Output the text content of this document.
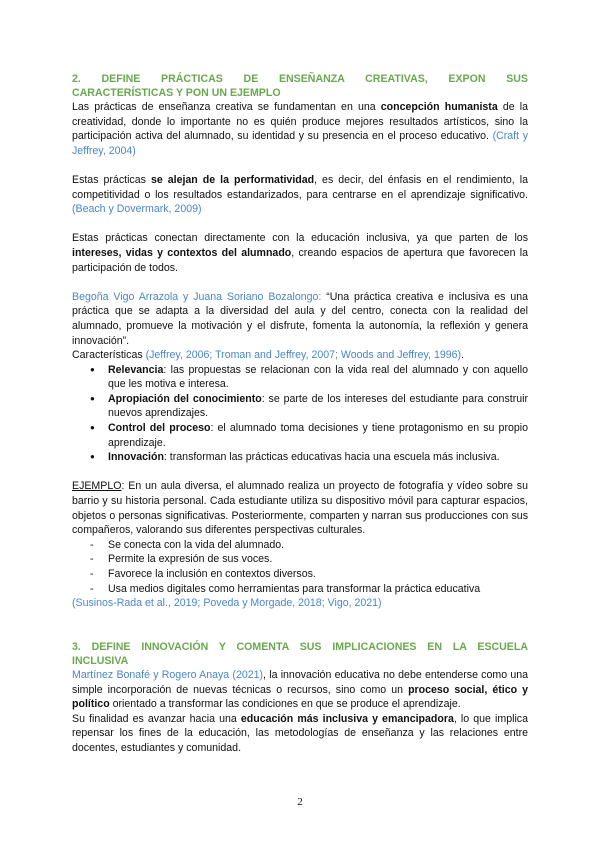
2. DEFINE PRÁCTICAS DE ENSEÑANZA CREATIVAS, EXPON SUS
CARACTERÍSTICAS Y PON UN EJEMPLO

Las prácticas de enseñanza creativa se fundamentan en una concepción humanista de la creatividad, donde lo importante no es quién produce mejores resultados artísticos, sino la participación activa del alumnado, su identidad y su presencia en el proceso educativo. (Craft y Jeffrey, 2004)

Estas prácticas se alejan de la performatividad, es decir, del énfasis en el rendimiento, la competitividad o los resultados estandarizados, para centrarse en el aprendizaje significativo. (Beach y Dovermark, 2009)

Estas prácticas conectan directamente con la educación inclusiva, ya que parten de los intereses, vidas y contextos del alumnado, creando espacios de apertura que favorecen la participación de todos.

Begoña Vigo Arrazola y Juana Soriano Bozalongo: “Una práctica creativa e inclusiva es una práctica que se adapta a la diversidad del aula y del centro, conecta con la realidad del alumnado, promueve la motivación y el disfrute, fomenta la autonomía, la reflexión y genera innovación”.

Características (Jeffrey, 2006; Troman and Jeffrey, 2007; Woods and Jeffrey, 1996).

● Relevancia: las propuestas se relacionan con la vida real del alumnado y con aquello que les motiva e interesa.
● Apropiación del conocimiento: se parte de los intereses del estudiante para construir nuevos aprendizajes.
● Control del proceso: el alumnado toma decisiones y tiene protagonismo en su propio aprendizaje.
● Innovación: transforman las prácticas educativas hacia una escuela más inclusiva.

EJEMPLO: En un aula diversa, el alumnado realiza un proyecto de fotografía y vídeo sobre su barrio y su historia personal. Cada estudiante utiliza su dispositivo móvil para capturar espacios, objetos o personas significativas. Posteriormente, comparten y narran sus producciones con sus compañeros, valorando sus diferentes perspectivas culturales.

- Se conecta con la vida del alumnado.
- Permite la expresión de sus voces.
- Favorece la inclusión en contextos diversos.
- Usa medios digitales como herramientas para transformar la práctica educativa

(Susinos-Rada et al., 2019; Poveda y Morgade, 2018; Vigo, 2021)

3. DEFINE INNOVACIÓN Y COMENTA SUS IMPLICACIONES EN LA ESCUELA
INCLUSIVA

Martínez Bonafé y Rogero Anaya (2021), la innovación educativa no debe entenderse como una simple incorporación de nuevas técnicas o recursos, sino como un proceso social, ético y político orientado a transformar las condiciones en que se produce el aprendizaje.

Su finalidad es avanzar hacia una educación más inclusiva y emancipadora, lo que implica repensar los fines de la educación, las metodologías de enseñanza y las relaciones entre docentes, estudiantes y comunidad.

2
